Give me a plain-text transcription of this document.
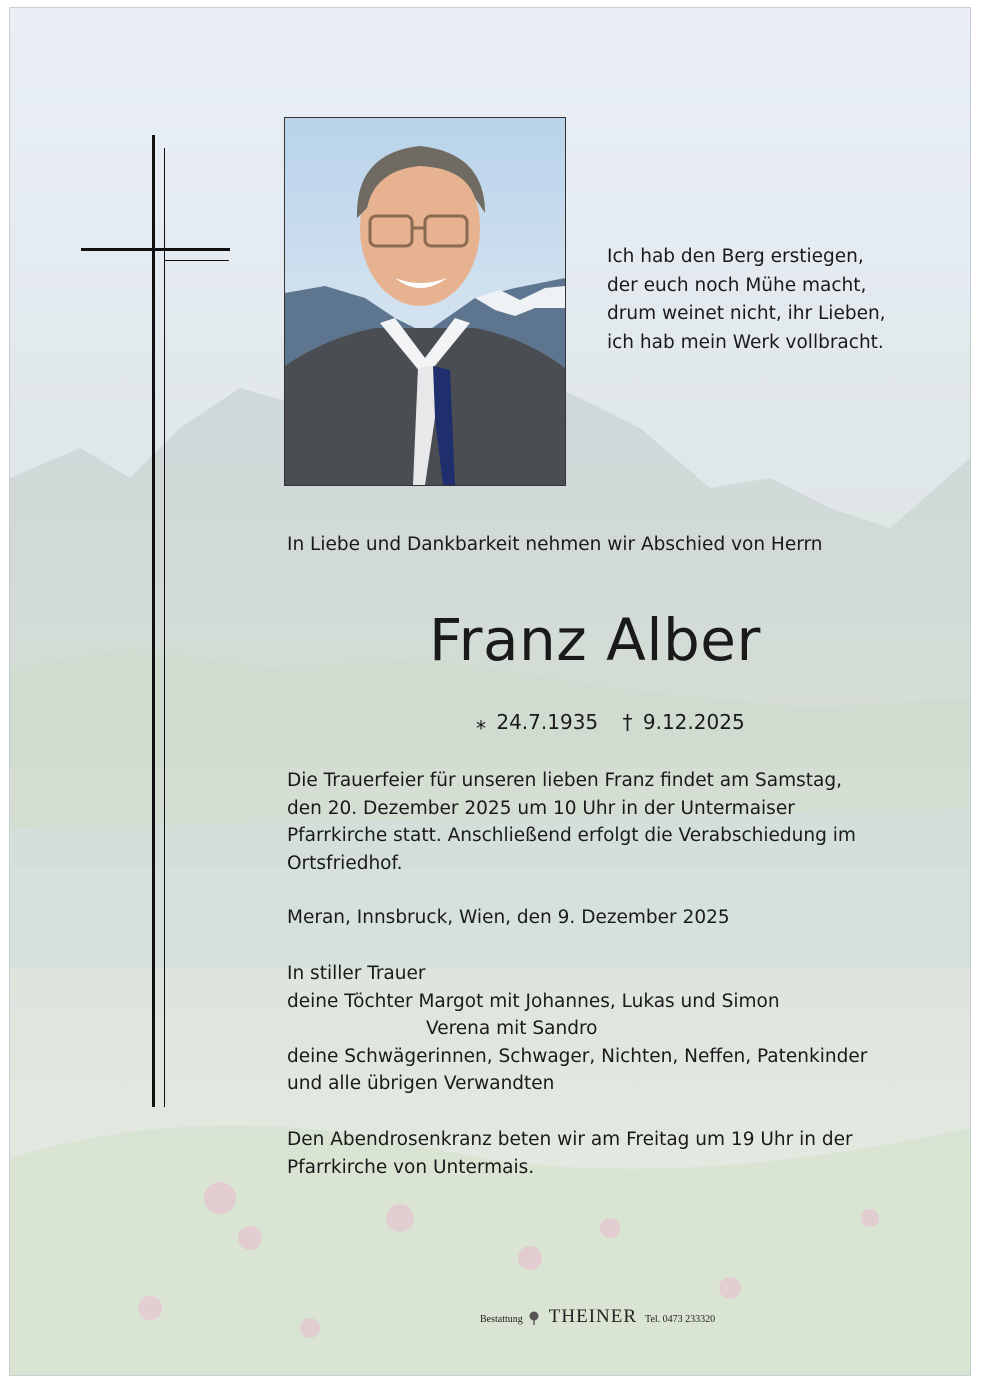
Ich hab den Berg erstiegen,
der euch noch Mühe macht,
drum weinet nicht, ihr Lieben,
ich hab mein Werk vollbracht.
In Liebe und Dankbarkeit nehmen wir Abschied von Herrn
Franz Alber
⁎ 24.7.1935 † 9.12.2025
Die Trauerfeier für unseren lieben Franz findet am Samstag,
den 20. Dezember 2025 um 10 Uhr in der Untermaiser
Pfarrkirche statt. Anschließend erfolgt die Verabschiedung im
Ortsfriedhof.
Meran, Innsbruck, Wien, den 9. Dezember 2025
In stiller Trauer
deine Töchter Margot mit Johannes, Lukas und Simon
Verena mit Sandro
deine Schwägerinnen, Schwager, Nichten, Neffen, Patenkinder
und alle übrigen Verwandten
Den Abendrosenkranz beten wir am Freitag um 19 Uhr in der
Pfarrkirche von Untermais.
Bestattung THEINER Tel. 0473 233320
